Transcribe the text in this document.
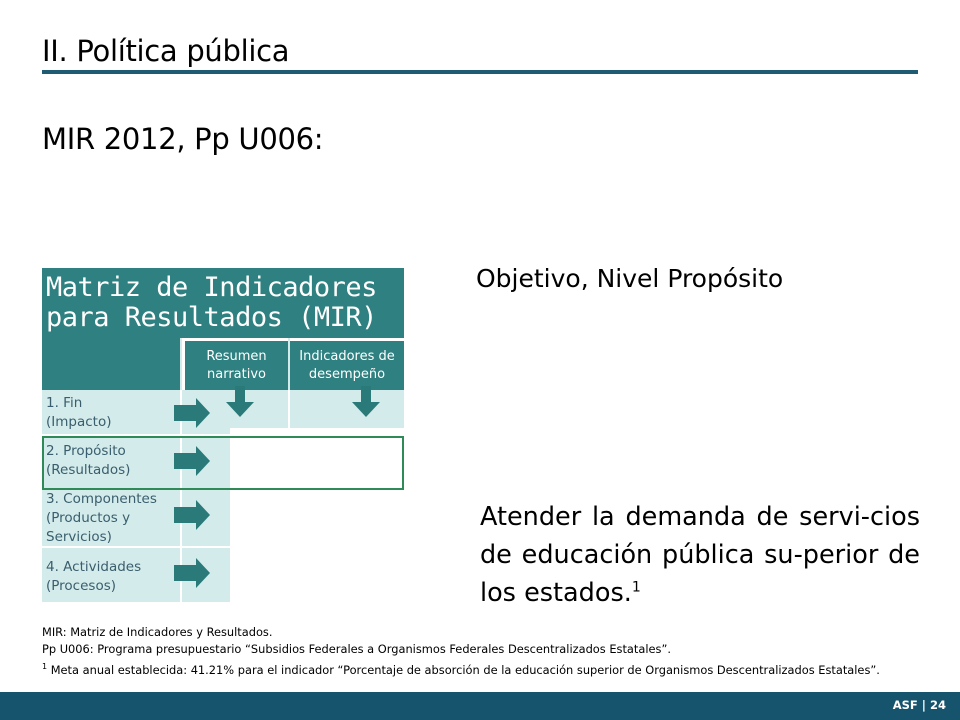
II. Política pública
MIR 2012, Pp U006:
Matriz de Indicadores
para Resultados (MIR)
Resumen
narrativo
Indicadores de
desempeño
1. Fin
(Impacto)
2. Propósito
(Resultados)
3. Componentes
(Productos y
Servicios)
4. Actividades
(Procesos)
Objetivo, Nivel Propósito
Atender la demanda de servi-cios de educación pública su-perior de los estados.$^1$
MIR: Matriz de Indicadores y Resultados.
Pp U006: Programa presupuestario “Subsidios Federales a Organismos Federales Descentralizados Estatales”.
$^1$ Meta anual establecida: 41.21% para el indicador “Porcentaje de absorción de la educación superior de Organismos Descentralizados Estatales”.
ASF | 24
